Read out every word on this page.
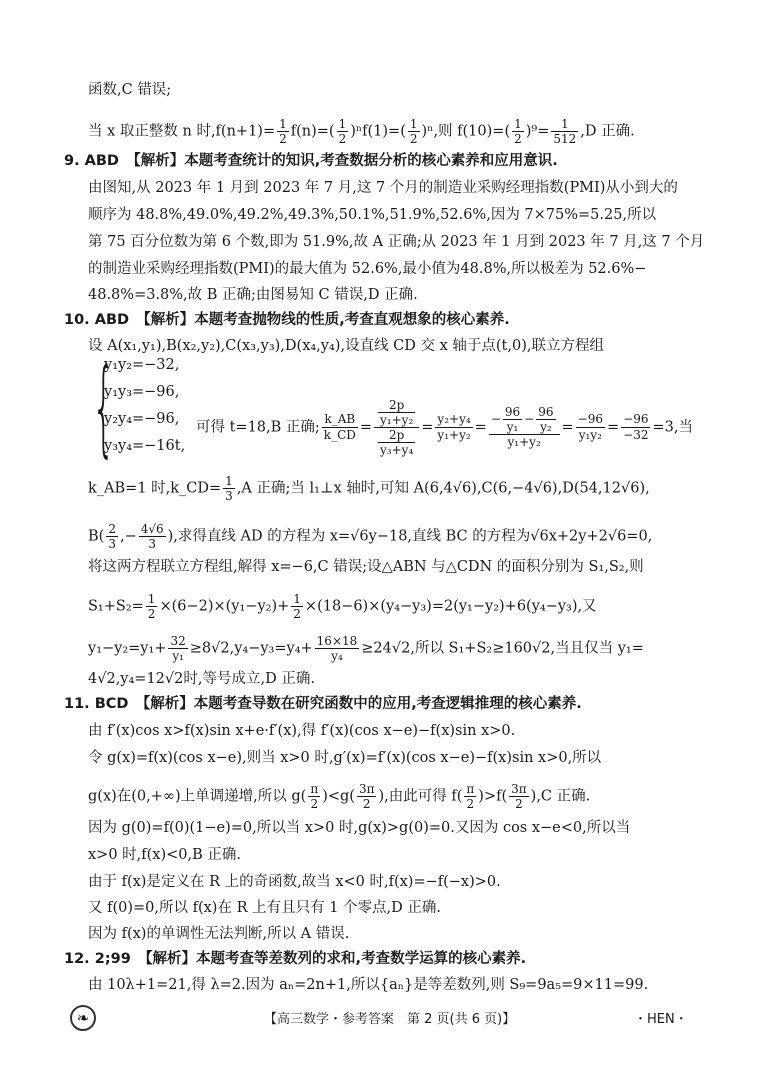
函数,C 错误;
当 x 取正整数 n 时$,f(n+1)= \frac{1}{2} f(n)=( \frac{1}{2} )^nf(1)=( \frac{1}{2} )^n$,则 $f(10)=( \frac{1}{2} )^9= \frac{1}{512} ,D$ 正确.
9. ABD　 【解析】本题考查统计的知识,考查数据分析的核心素养和应用意识.
由图知,从 2023 年 1 月到 2023 年 7 月,这 7 个月的制造业采购经理指数(PMI)从小到大的
顺序为 48.8%,49.0%,49.2%,49.3%,50.1%,51.9%,52.6%,因为 7×75%=5.25,所以
第 75 百分位数为第 6 个数,即为 51.9%,故 A 正确;从 2023 年 1 月到 2023 年 7 月,这 7 个月
的制造业采购经理指数(PMI)的最大值为 52.6%,最小值为48.8%,所以极差为 52.6%−
48.8%=3.8%,故 B 正确;由图易知 C 错误,D 正确.
10. ABD　 【解析】本题考查抛物线的性质,考查直观想象的核心素养.
设 A(x₁,y₁),B(x₂,y₂),C(x₃,y₃),D(x₄,y₄),设直线 CD 交 x 轴于点(t,0),联立方程组
{
y₁y₂=−32,
y₁y₃=−96,
y₂y₄=−96,
y₃y₄=−16t,
可得 t=18,B 正确; $\frac{k\_AB}{k\_CD} = \frac{\frac{2p}{\text{y₁+y₂}}}{\frac{2p}{\text{y₃+y₄}}} = \frac{\text{y₂+y₄}}{\text{y₁+y₂}} = \frac{- \frac{96}{\text{y₁}} - \frac{96}{\text{y₂}}}{\text{y₁+y₂}} = \frac{-96}{\text{y₁y₂}} = \frac{-96}{-32} =3$,当
k_AB=1 时,k_CD= $\frac{1}{3} ,A$ 正确;当 l₁⊥x 轴时,可知 A(6,4√6),C(6,−4√6),D(54,12√6),
$B( \frac{2}{3}$ ,− $\frac{4√6}{3}$ ),求得直线 AD 的方程为 x=√6y−18,直线 BC 的方程为√6x+2y+2√6=0,
将这两方程联立方程组,解得 x=−6,C 错误;设△ABN 与△CDN 的面积分别为 S₁,S₂,则
$S_1+S_2= \frac{1}{2} \times(6-2)\times(y_1-y_2)+ \frac{1}{2} \times(18-6)\times(y_4-y_3)=2(y_1-y_2)+6(y_4-y_3)$,又
$y_1-y_2=y_1+ \frac{32}{\text{y₁}} \ge 8√2,y_4-y_3=y_4+ \frac{16\times 18}{\text{y₄}} \ge 24√2$,所以 S₁+S₂≥160√2,当且仅当 y₁=
4√2,y₄=12√2时,等号成立,D 正确.
11. BCD　 【解析】本题考查导数在研究函数中的应用,考查逻辑推理的核心素养.
由 f′(x)cos x>f(x)sin x+e·f′(x),得 f′(x)(cos x−e)−f(x)sin x>0.
令 g(x)=f(x)(cos x−e),则当 x>0 时,g′(x)=f′(x)(cos x−e)−f(x)sin x>0,所以
g(x)在(0,+∞)上单调递增,所以 $g( \frac{\pi}{2} )<g( \frac{3\pi}{2}$ ),由此可得 $f( \frac{\pi}{2} )>f( \frac{3\pi}{2} ),C$ 正确.
因为 g(0)=f(0)(1−e)=0,所以当 x>0 时,g(x)>g(0)=0.又因为 cos x−e<0,所以当
x>0 时,f(x)<0,B 正确.
由于 f(x)是定义在 R 上的奇函数,故当 x<0 时,f(x)=−f(−x)>0.
又 f(0)=0,所以 f(x)在 R 上有且只有 1 个零点,D 正确.
因为 f(x)的单调性无法判断,所以 A 错误.
12. 2;99　 【解析】本题考查等差数列的求和,考查数学运算的核心素养.
由 10λ+1=21,得 λ=2.因为 aₙ=2n+1,所以{aₙ}是等差数列,则 S₉=9a₅=9×11=99.
❧	【高三数学・参考答案　第 2 页(共 6 页)】	・HEN・
